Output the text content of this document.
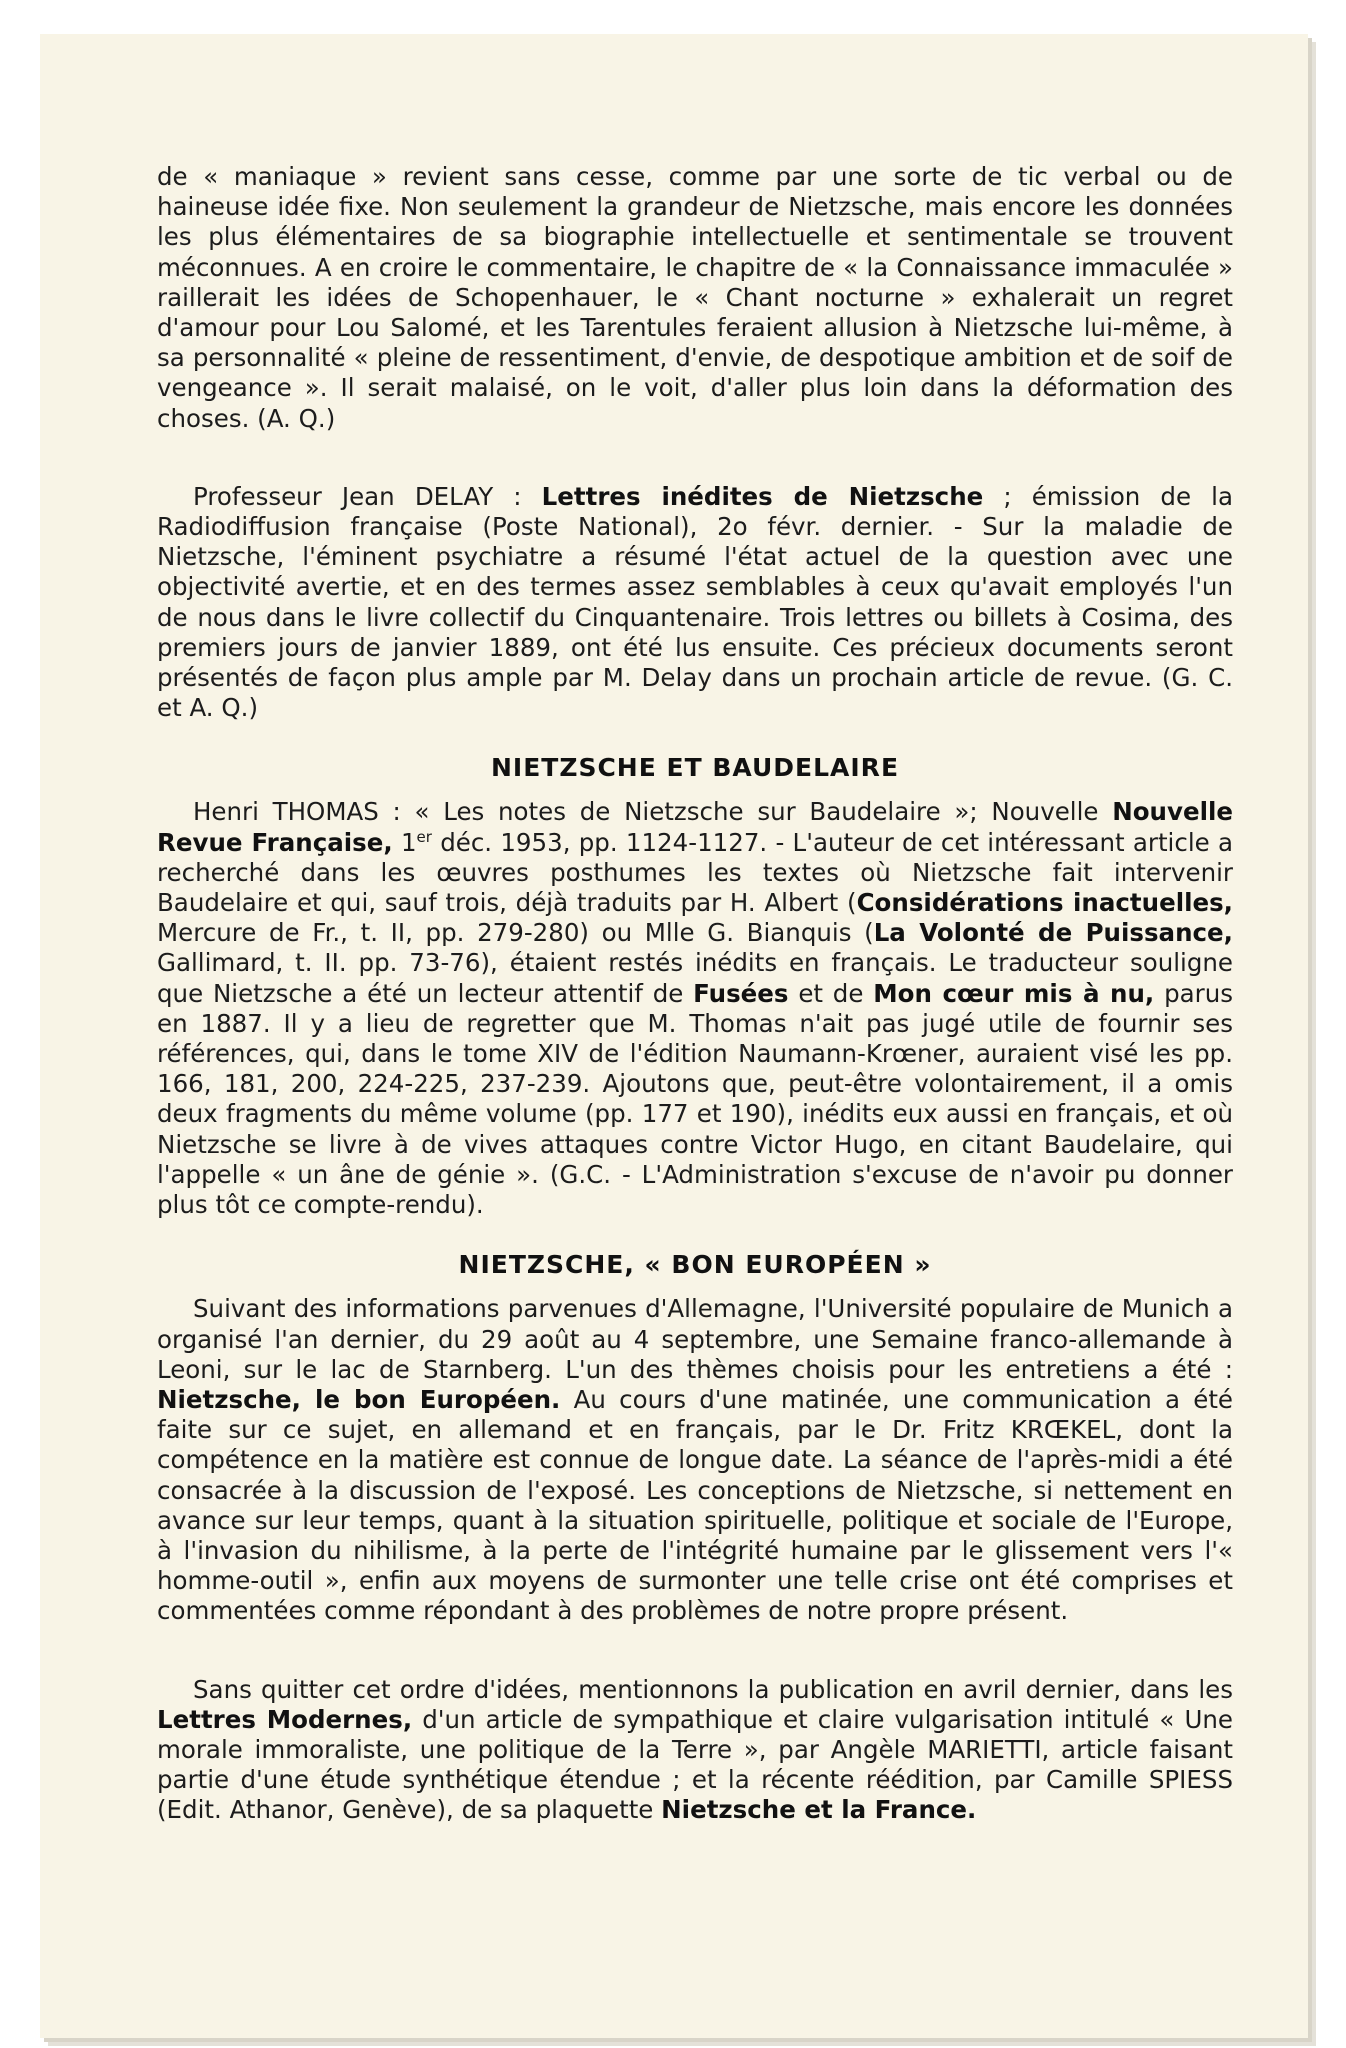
de « maniaque » revient sans cesse, comme par une sorte de tic verbal ou de haineuse idée fixe. Non seulement la grandeur de Nietzsche, mais encore les données les plus élémentaires de sa biographie intellectuelle et sentimentale se trouvent méconnues. A en croire le commentaire, le chapitre de « la Connaissance immaculée » raillerait les idées de Schopenhauer, le « Chant nocturne » exhalerait un regret d'amour pour Lou Salomé, et les Tarentules feraient allusion à Nietzsche lui-même, à sa personnalité « pleine de ressentiment, d'envie, de despotique ambition et de soif de vengeance ». Il serait malaisé, on le voit, d'aller plus loin dans la déformation des choses. (A. Q.)

Professeur Jean DELAY : Lettres inédites de Nietzsche ; émission de la Radiodiffusion française (Poste National), 2o févr. dernier. - Sur la maladie de Nietzsche, l'éminent psychiatre a résumé l'état actuel de la question avec une objectivité avertie, et en des termes assez semblables à ceux qu'avait employés l'un de nous dans le livre collectif du Cinquantenaire. Trois lettres ou billets à Cosima, des premiers jours de janvier 1889, ont été lus ensuite. Ces précieux documents seront présentés de façon plus ample par M. Delay dans un prochain article de revue. (G. C. et A. Q.)

NIETZSCHE ET BAUDELAIRE

Henri THOMAS : « Les notes de Nietzsche sur Baudelaire »; Nouvelle Nouvelle Revue Française, 1er déc. 1953, pp. 1124-1127. - L'auteur de cet intéressant article a recherché dans les œuvres posthumes les textes où Nietzsche fait intervenir Baudelaire et qui, sauf trois, déjà traduits par H. Albert (Considérations inactuelles, Mercure de Fr., t. II, pp. 279-280) ou Mlle G. Bianquis (La Volonté de Puissance, Gallimard, t. II. pp. 73-76), étaient restés inédits en français. Le traducteur souligne que Nietzsche a été un lecteur attentif de Fusées et de Mon cœur mis à nu, parus en 1887. Il y a lieu de regretter que M. Thomas n'ait pas jugé utile de fournir ses références, qui, dans le tome XIV de l'édition Naumann-Krœner, auraient visé les pp. 166, 181, 200, 224-225, 237-239. Ajoutons que, peut-être volontairement, il a omis deux fragments du même volume (pp. 177 et 190), inédits eux aussi en français, et où Nietzsche se livre à de vives attaques contre Victor Hugo, en citant Baudelaire, qui l'appelle « un âne de génie ». (G.C. - L'Administration s'excuse de n'avoir pu donner plus tôt ce compte-rendu).

NIETZSCHE, « BON EUROPÉEN »

Suivant des informations parvenues d'Allemagne, l'Université populaire de Munich a organisé l'an dernier, du 29 août au 4 septembre, une Semaine franco-allemande à Leoni, sur le lac de Starnberg. L'un des thèmes choisis pour les entretiens a été : Nietzsche, le bon Européen. Au cours d'une matinée, une communication a été faite sur ce sujet, en allemand et en français, par le Dr. Fritz KRŒKEL, dont la compétence en la matière est connue de longue date. La séance de l'après-midi a été consacrée à la discussion de l'exposé. Les conceptions de Nietzsche, si nettement en avance sur leur temps, quant à la situation spirituelle, politique et sociale de l'Europe, à l'invasion du nihilisme, à la perte de l'intégrité humaine par le glissement vers l'« homme-outil », enfin aux moyens de surmonter une telle crise ont été comprises et commentées comme répondant à des problèmes de notre propre présent.

Sans quitter cet ordre d'idées, mentionnons la publication en avril dernier, dans les Lettres Modernes, d'un article de sympathique et claire vulgarisation intitulé « Une morale immoraliste, une politique de la Terre », par Angèle MARIETTI, article faisant partie d'une étude synthétique étendue ; et la récente réédition, par Camille SPIESS (Edit. Athanor, Genève), de sa plaquette Nietzsche et la France.
